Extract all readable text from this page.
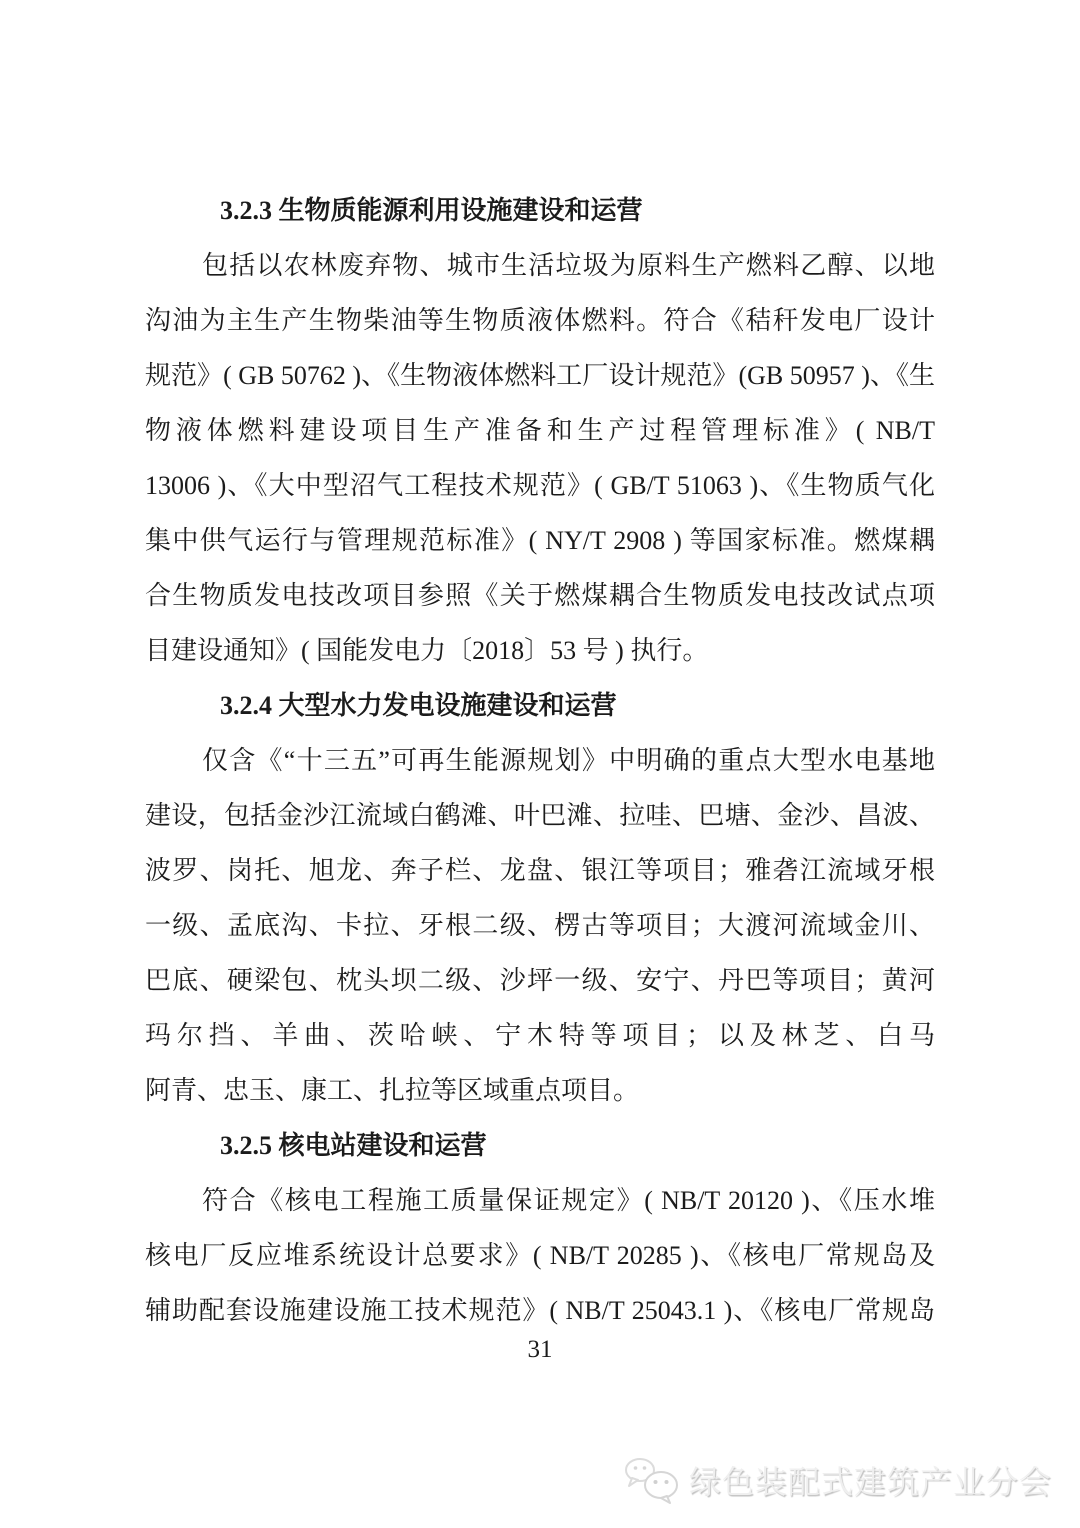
3.2.3 生物质能源利用设施建设和运营
包括以农林废弃物、城市生活垃圾为原料生产燃料乙醇、以地
沟油为主生产生物柴油等生物质液体燃料。符合《秸秆发电厂设计
规范》( GB 50762 )、《生物液体燃料工厂设计规范》(GB 50957 )、《生
物液体燃料建设项目生产准备和生产过程管理标准》( NB/T
13006 )、《大中型沼气工程技术规范》( GB/T 51063 )、《生物质气化
集中供气运行与管理规范标准》( NY/T 2908 ) 等国家标准。燃煤耦
合生物质发电技改项目参照《关于燃煤耦合生物质发电技改试点项
目建设通知》( 国能发电力〔2018〕53 号 ) 执行。
3.2.4 大型水力发电设施建设和运营
仅含《“十三五”可再生能源规划》中明确的重点大型水电基地
建设，包括金沙江流域白鹤滩、叶巴滩、拉哇、巴塘、金沙、昌波、
波罗、岗托、旭龙、奔子栏、龙盘、银江等项目；雅砻江流域牙根
一级、孟底沟、卡拉、牙根二级、楞古等项目；大渡河流域金川、
巴底、硬梁包、枕头坝二级、沙坪一级、安宁、丹巴等项目；黄河
玛尔挡、羊曲、茨哈峡、宁木特等项目；以及林芝、白马
阿青、忠玉、康工、扎拉等区域重点项目。
3.2.5 核电站建设和运营
符合《核电工程施工质量保证规定》( NB/T 20120 )、《压水堆
核电厂反应堆系统设计总要求》( NB/T 20285 )、《核电厂常规岛及
辅助配套设施建设施工技术规范》( NB/T 25043.1 )、《核电厂常规岛
31
绿色装配式建筑产业分会
